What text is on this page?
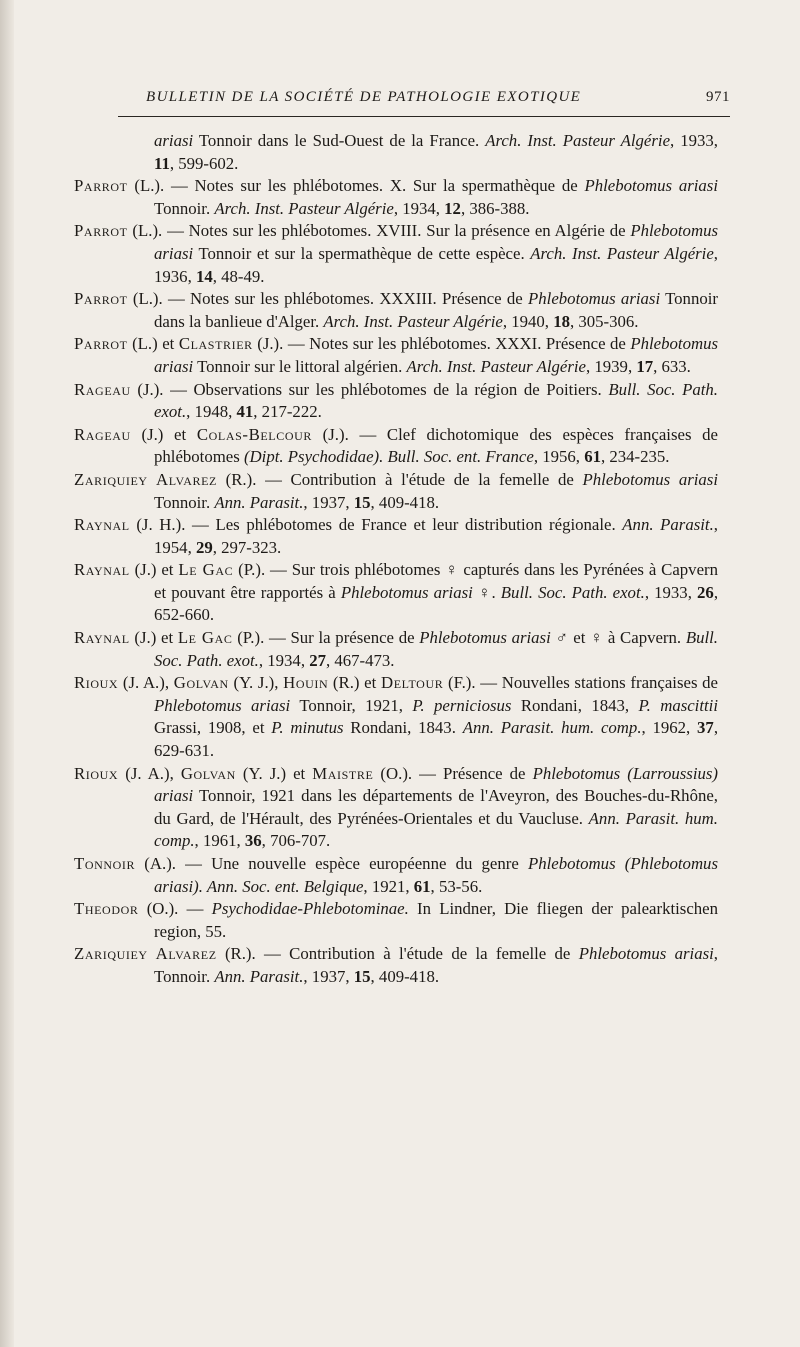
BULLETIN DE LA SOCIÉTÉ DE PATHOLOGIE EXOTIQUE	971

ariasi Tonnoir dans le Sud-Ouest de la France. Arch. Inst. Pasteur Algérie, 1933, 11, 599-602.

Parrot (L.). — Notes sur les phlébotomes. X. Sur la spermathèque de Phlebotomus ariasi Tonnoir. Arch. Inst. Pasteur Algérie, 1934, 12, 386-388.

Parrot (L.). — Notes sur les phlébotomes. XVIII. Sur la présence en Algérie de Phlebotomus ariasi Tonnoir et sur la spermathèque de cette espèce. Arch. Inst. Pasteur Algérie, 1936, 14, 48-49.

Parrot (L.). — Notes sur les phlébotomes. XXXIII. Présence de Phlebotomus ariasi Tonnoir dans la banlieue d'Alger. Arch. Inst. Pasteur Algérie, 1940, 18, 305-306.

Parrot (L.) et Clastrier (J.). — Notes sur les phlébotomes. XXXI. Présence de Phlebotomus ariasi Tonnoir sur le littoral algérien. Arch. Inst. Pasteur Algérie, 1939, 17, 633.

Rageau (J.). — Observations sur les phlébotomes de la région de Poitiers. Bull. Soc. Path. exot., 1948, 41, 217-222.

Rageau (J.) et Colas-Belcour (J.). — Clef dichotomique des espèces françaises de phlébotomes (Dipt. Psychodidae). Bull. Soc. ent. France, 1956, 61, 234-235.

Zariquiey Alvarez (R.). — Contribution à l'étude de la femelle de Phlebotomus ariasi Tonnoir. Ann. Parasit., 1937, 15, 409-418.

Raynal (J. H.). — Les phlébotomes de France et leur distribution régionale. Ann. Parasit., 1954, 29, 297-323.

Raynal (J.) et Le Gac (P.). — Sur trois phlébotomes ♀ capturés dans les Pyrénées à Capvern et pouvant être rapportés à Phlebotomus ariasi ♀. Bull. Soc. Path. exot., 1933, 26, 652-660.

Raynal (J.) et Le Gac (P.). — Sur la présence de Phlebotomus ariasi ♂ et ♀ à Capvern. Bull. Soc. Path. exot., 1934, 27, 467-473.

Rioux (J. A.), Golvan (Y. J.), Houin (R.) et Deltour (F.). — Nouvelles stations françaises de Phlebotomus ariasi Tonnoir, 1921, P. perniciosus Rondani, 1843, P. mascittii Grassi, 1908, et P. minutus Rondani, 1843. Ann. Parasit. hum. comp., 1962, 37, 629-631.

Rioux (J. A.), Golvan (Y. J.) et Maistre (O.). — Présence de Phlebotomus (Larroussius) ariasi Tonnoir, 1921 dans les départements de l'Aveyron, des Bouches-du-Rhône, du Gard, de l'Hérault, des Pyrénées-Orientales et du Vaucluse. Ann. Parasit. hum. comp., 1961, 36, 706-707.

Tonnoir (A.). — Une nouvelle espèce européenne du genre Phlebotomus (Phlebotomus ariasi). Ann. Soc. ent. Belgique, 1921, 61, 53-56.

Theodor (O.). — Psychodidae-Phlebotominae. In Lindner, Die fliegen der palearktischen region, 55.

Zariquiey Alvarez (R.). — Contribution à l'étude de la femelle de Phlebotomus ariasi, Tonnoir. Ann. Parasit., 1937, 15, 409-418.
